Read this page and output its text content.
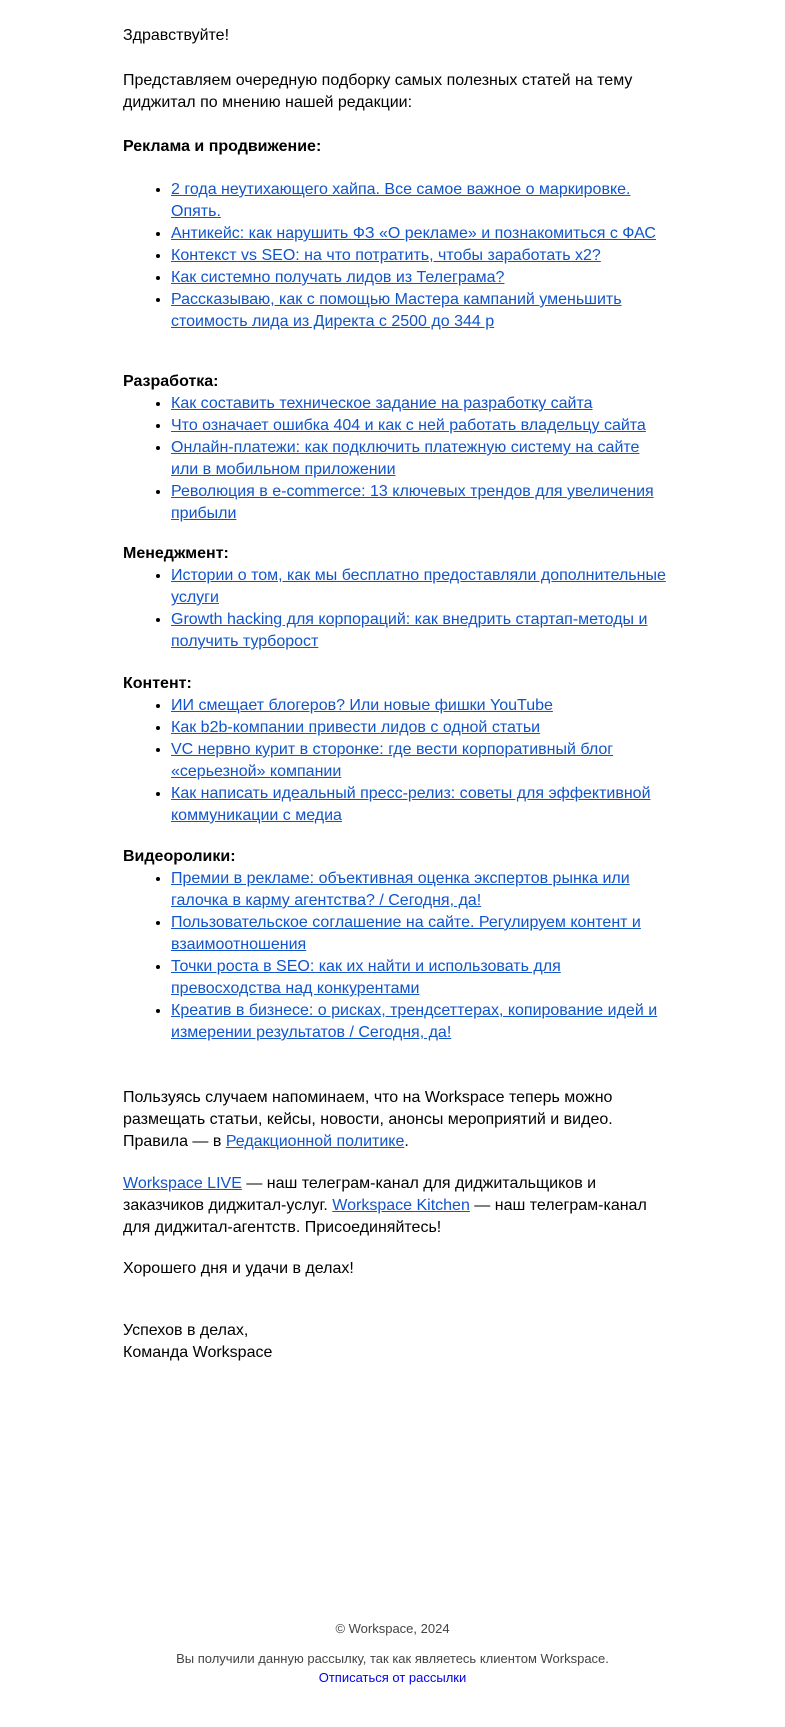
Здравствуйте!

Представляем очередную подборку самых полезных статей на тему диджитал по мнению нашей редакции:

Реклама и продвижение:

• 2 года неутихающего хайпа. Все самое важное о маркировке. Опять.
• Антикейс: как нарушить ФЗ «О рекламе» и познакомиться с ФАС
• Контекст vs SEO: на что потратить, чтобы заработать x2?
• Как системно получать лидов из Телеграма?
• Рассказываю, как с помощью Мастера кампаний уменьшить стоимость лида из Директа с 2500 до 344 р

Разработка:

• Как составить техническое задание на разработку сайта
• Что означает ошибка 404 и как с ней работать владельцу сайта
• Онлайн-платежи: как подключить платежную систему на сайте или в мобильном приложении
• Революция в e-commerce: 13 ключевых трендов для увеличения прибыли

Менеджмент:

• Истории о том, как мы бесплатно предоставляли дополнительные услуги
• Growth hacking для корпораций: как внедрить стартап-методы и получить турборост

Контент:

• ИИ смещает блогеров? Или новые фишки YouTube
• Как b2b-компании привести лидов с одной статьи
• VC нервно курит в сторонке: где вести корпоративный блог «серьезной» компании
• Как написать идеальный пресс-релиз: советы для эффективной коммуникации с медиа

Видеоролики:

• Премии в рекламе: объективная оценка экспертов рынка или галочка в карму агентства? / Сегодня, да!
• Пользовательское соглашение на сайте. Регулируем контент и взаимоотношения
• Точки роста в SEO: как их найти и использовать для превосходства над конкурентами
• Креатив в бизнесе: о рисках, трендсеттерах, копирование идей и измерении результатов / Сегодня, да!

Пользуясь случаем напоминаем, что на Workspace теперь можно размещать статьи, кейсы, новости, анонсы мероприятий и видео. Правила — в Редакционной политике.

Workspace LIVE — наш телеграм-канал для диджитальщиков и заказчиков диджитал-услуг. Workspace Kitchen — наш телеграм-канал для диджитал-агентств. Присоединяйтесь!

Хорошего дня и удачи в делах!

Успехов в делах,
Команда Workspace

© Workspace, 2024
Вы получили данную рассылку, так как являетесь клиентом Workspace.
Отписаться от рассылки
